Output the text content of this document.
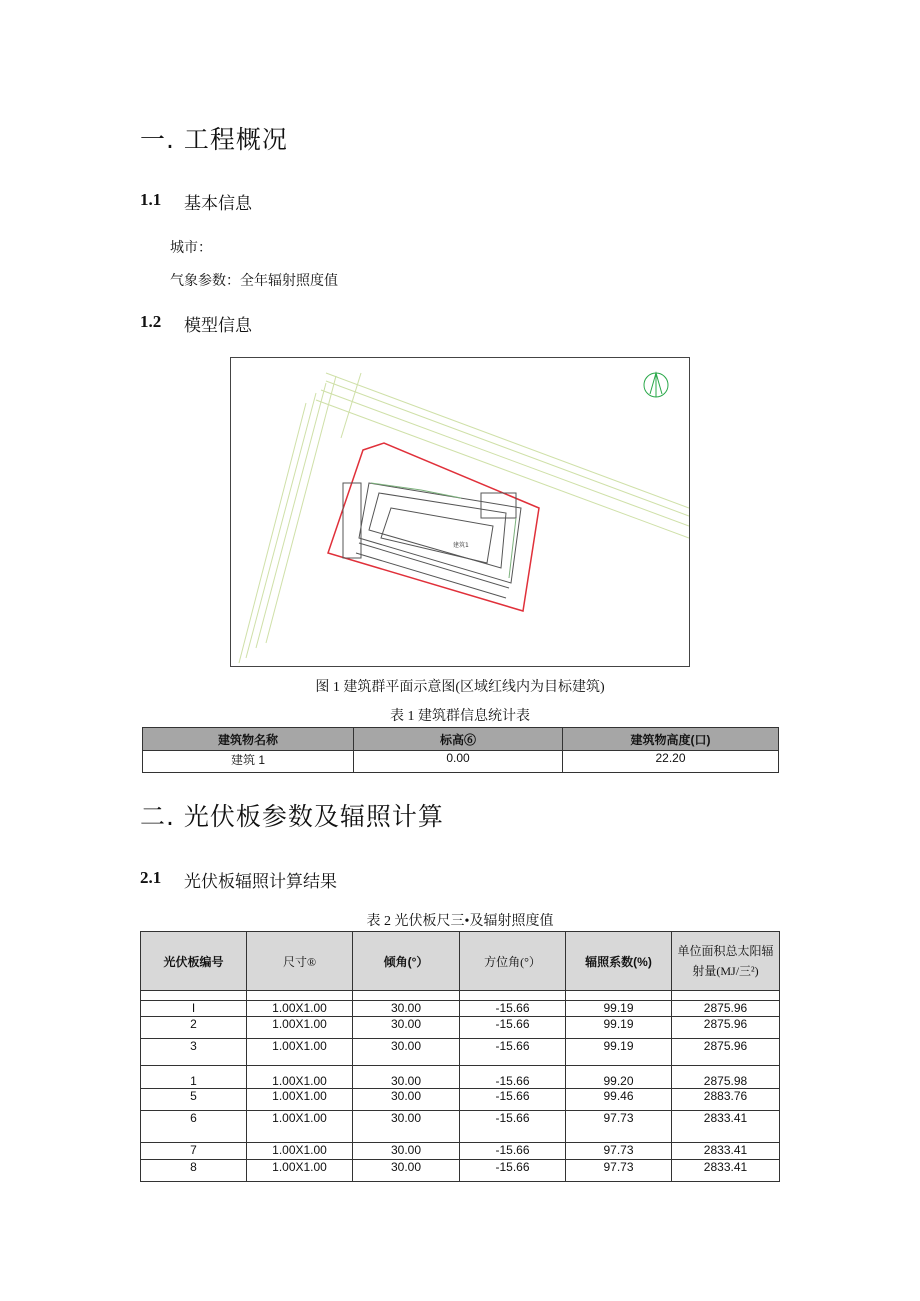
一. 工程概况
1.1 基本信息
城市：
气象参数：全年辐射照度值
1.2 模型信息
建筑1
图 1 建筑群平面示意图(区域红线内为目标建筑)
表 1 建筑群信息统计表
建筑物名称	标高⑥	建筑物高度(口)
建筑 1	0.00	22.20
二. 光伏板参数及辐照计算
2.1 光伏板辐照计算结果
表 2 光伏板尺三•及辐射照度值
光伏板编号	尺寸®	倾角(°）	方位角(°）	辐照系数(%)	单位面积总太阳辐
射量(MJ/三²)

I	1.00X1.00	30.00	-15.66	99.19	2875.96
2	1.00X1.00	30.00	-15.66	99.19	2875.96
3	1.00X1.00	30.00	-15.66	99.19	2875.96
1	1.00X1.00	30.00	-15.66	99.20	2875.98
5	1.00X1.00	30.00	-15.66	99.46	2883.76
6	1.00X1.00	30.00	-15.66	97.73	2833.41
7	1.00X1.00	30.00	-15.66	97.73	2833.41
8	1.00X1.00	30.00	-15.66	97.73	2833.41
